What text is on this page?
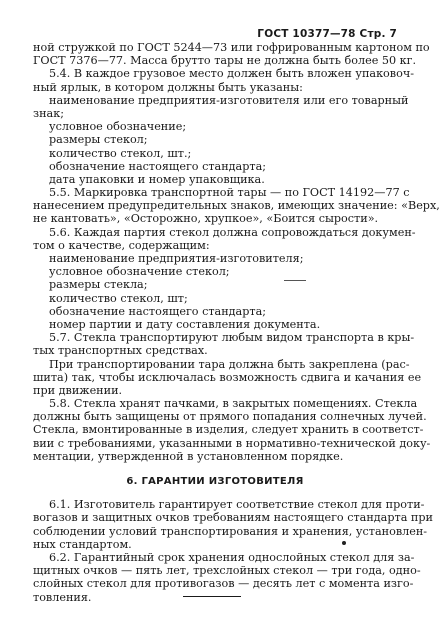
ГОСТ 10377—78 Стр. 7
ной стружкой по ГОСТ 5244—73 или гофрированным картоном по
ГОСТ 7376—77. Масса брутто тары не должна быть более 50 кг.
5.4. В каждое грузовое место должен быть вложен упаковоч-
ный ярлык, в котором должны быть указаны:
наименование предприятия-изготовителя или его товарный
знак;
условное обозначение;
размеры стекол;
количество стекол, шт.;
обозначение настоящего стандарта;
дата упаковки и номер упаковщика.
5.5. Маркировка транспортной тары — по ГОСТ 14192—77 с
нанесением предупредительных знаков, имеющих значение: «Верх,
не кантовать», «Осторожно, хрупкое», «Боится сырости».
5.6. Каждая партия стекол должна сопровождаться докумен-
том о качестве, содержащим:
наименование предприятия-изготовителя;
условное обозначение стекол;
размеры стекла;
количество стекол, шт;
обозначение настоящего стандарта;
номер партии и дату составления документа.
5.7. Стекла транспортируют любым видом транспорта в кры-
тых транспортных средствах.
При транспортировании тара должна быть закреплена (рас-
шита) так, чтобы исключалась возможность сдвига и качания ее
при движении.
5.8. Стекла хранят пачками, в закрытых помещениях. Стекла
должны быть защищены от прямого попадания солнечных лучей.
Стекла, вмонтированные в изделия, следует хранить в соответст-
вии с требованиями, указанными в нормативно-технической доку-
ментации, утвержденной в установленном порядке.
6. ГАРАНТИИ ИЗГОТОВИТЕЛЯ
6.1. Изготовитель гарантирует соответствие стекол для проти-
вогазов и защитных очков требованиям настоящего стандарта при
соблюдении условий транспортирования и хранения, установлен-
ных стандартом.
6.2. Гарантийный срок хранения однослойных стекол для за-
щитных очков — пять лет, трехслойных стекол — три года, одно-
слойных стекол для противогазов — десять лет с момента изго-
товления.
